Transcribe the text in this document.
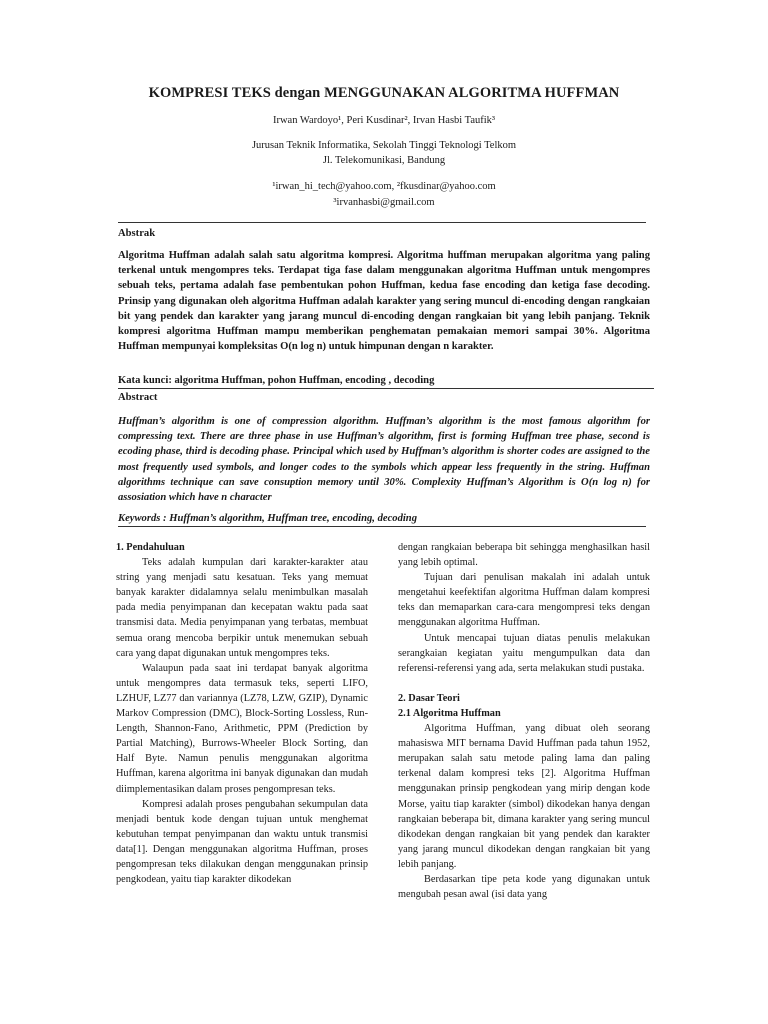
KOMPRESI TEKS dengan MENGGUNAKAN ALGORITMA HUFFMAN
Irwan Wardoyo¹, Peri Kusdinar², Irvan Hasbi Taufik³
Jurusan Teknik Informatika, Sekolah Tinggi Teknologi Telkom
Jl. Telekomunikasi, Bandung
¹irwan_hi_tech@yahoo.com, ²fkusdinar@yahoo.com
³irvanhasbi@gmail.com
Abstrak
Algoritma Huffman adalah salah satu algoritma kompresi. Algoritma huffman merupakan algoritma yang paling terkenal untuk mengompres teks. Terdapat tiga fase dalam menggunakan algoritma Huffman untuk mengompres sebuah teks, pertama adalah fase pembentukan pohon Huffman, kedua fase encoding dan ketiga fase decoding. Prinsip yang digunakan oleh algoritma Huffman adalah karakter yang sering muncul di-encoding dengan rangkaian bit yang pendek dan karakter yang jarang muncul di-encoding dengan rangkaian bit yang lebih panjang. Teknik kompresi algoritma Huffman mampu memberikan penghematan pemakaian memori sampai 30%. Algoritma Huffman mempunyai kompleksitas O(n log n) untuk himpunan dengan n karakter.
Kata kunci: algoritma Huffman, pohon Huffman, encoding , decoding
Abstract
Huffman’s algorithm is one of compression algorithm. Huffman’s algorithm is the most famous algorithm for compressing text. There are three phase in use Huffman’s algorithm, first is forming Huffman tree phase, second is ecoding phase, third is decoding phase. Principal which used by Huffman’s algorithm is shorter codes are assigned to the most frequently used symbols, and longer codes to the symbols which appear less frequently in the string. Huffman algorithms technique can save consuption memory until 30%. Complexity Huffman’s Algorithm is O(n log n) for assosiation which have n character
Keywords : Huffman’s algorithm, Huffman tree, encoding, decoding

1. Pendahuluan

Teks adalah kumpulan dari karakter-karakter atau string yang menjadi satu kesatuan. Teks yang memuat banyak karakter didalamnya selalu menimbulkan masalah pada media penyimpanan dan kecepatan waktu pada saat transmisi data. Media penyimpanan yang terbatas, membuat semua orang mencoba berpikir untuk menemukan sebuah cara yang dapat digunakan untuk mengompres teks.

Walaupun pada saat ini terdapat banyak algoritma untuk mengompres data termasuk teks, seperti LIFO, LZHUF, LZ77 dan variannya (LZ78, LZW, GZIP), Dynamic Markov Compression (DMC), Block-Sorting Lossless, Run-Length, Shannon-Fano, Arithmetic, PPM (Prediction by Partial Matching), Burrows-Wheeler Block Sorting, dan Half Byte. Namun penulis menggunakan algoritma Huffman, karena algoritma ini banyak digunakan dan mudah diimplementasikan dalam proses pengompresan teks.

Kompresi adalah proses pengubahan sekumpulan data menjadi bentuk kode dengan tujuan untuk menghemat kebutuhan tempat penyimpanan dan waktu untuk transmisi data[1]. Dengan menggunakan algoritma Huffman, proses pengompresan teks dilakukan dengan menggunakan prinsip pengkodean, yaitu tiap karakter dikodekan

dengan rangkaian beberapa bit sehingga menghasilkan hasil yang lebih optimal.

Tujuan dari penulisan makalah ini adalah untuk mengetahui keefektifan algoritma Huffman dalam kompresi teks dan memaparkan cara-cara mengompresi teks dengan menggunakan algoritma Huffman.

Untuk mencapai tujuan diatas penulis melakukan serangkaian kegiatan yaitu mengumpulkan data dan referensi-referensi yang ada, serta melakukan studi pustaka.

2. Dasar Teori

2.1 Algoritma Huffman

Algoritma Huffman, yang dibuat oleh seorang mahasiswa MIT bernama David Huffman pada tahun 1952, merupakan salah satu metode paling lama dan paling terkenal dalam kompresi teks [2]. Algoritma Huffman menggunakan prinsip pengkodean yang mirip dengan kode Morse, yaitu tiap karakter (simbol) dikodekan hanya dengan rangkaian beberapa bit, dimana karakter yang sering muncul dikodekan dengan rangkaian bit yang pendek dan karakter yang jarang muncul dikodekan dengan rangkaian bit yang lebih panjang.

Berdasarkan tipe peta kode yang digunakan untuk mengubah pesan awal (isi data yang
